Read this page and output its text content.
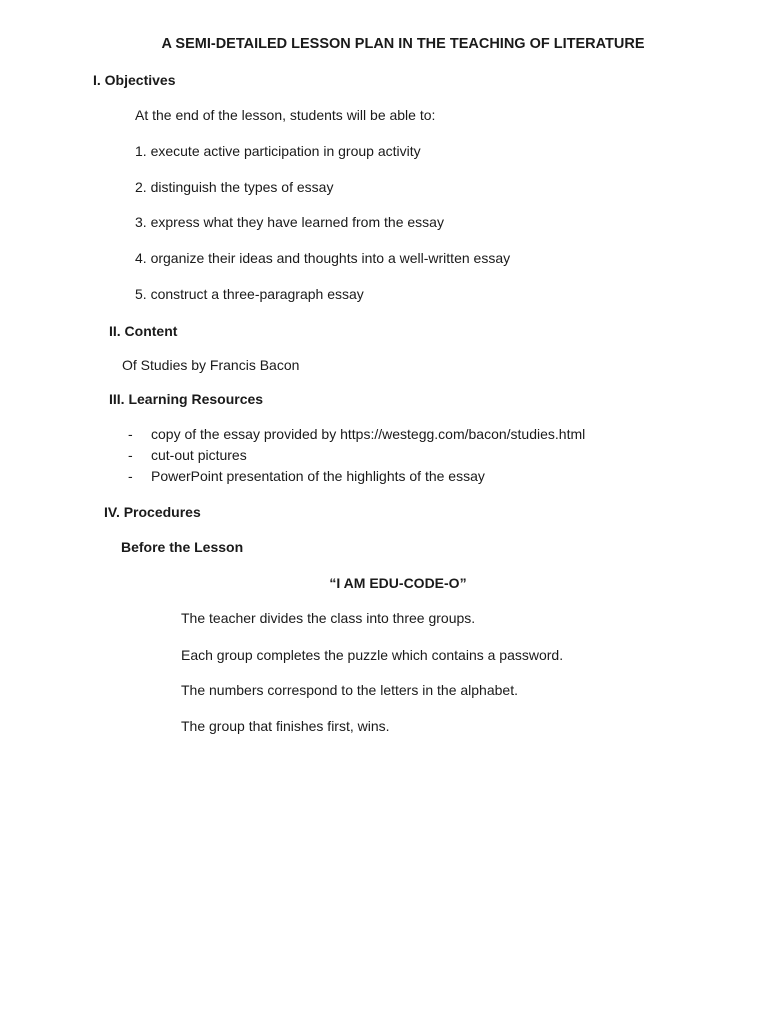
A SEMI-DETAILED LESSON PLAN IN THE TEACHING OF LITERATURE
I. Objectives
At the end of the lesson, students will be able to:
1. execute active participation in group activity
2. distinguish the types of essay
3. express what they have learned from the essay
4. organize their ideas and thoughts into a well-written essay
5. construct a three-paragraph essay
II. Content
Of Studies by Francis Bacon
III. Learning Resources
- copy of the essay provided by https://westegg.com/bacon/studies.html
- cut-out pictures
- PowerPoint presentation of the highlights of the essay
IV. Procedures
Before the Lesson
“I AM EDU-CODE-O”
The teacher divides the class into three groups.
Each group completes the puzzle which contains a password.
The numbers correspond to the letters in the alphabet.
The group that finishes first, wins.
